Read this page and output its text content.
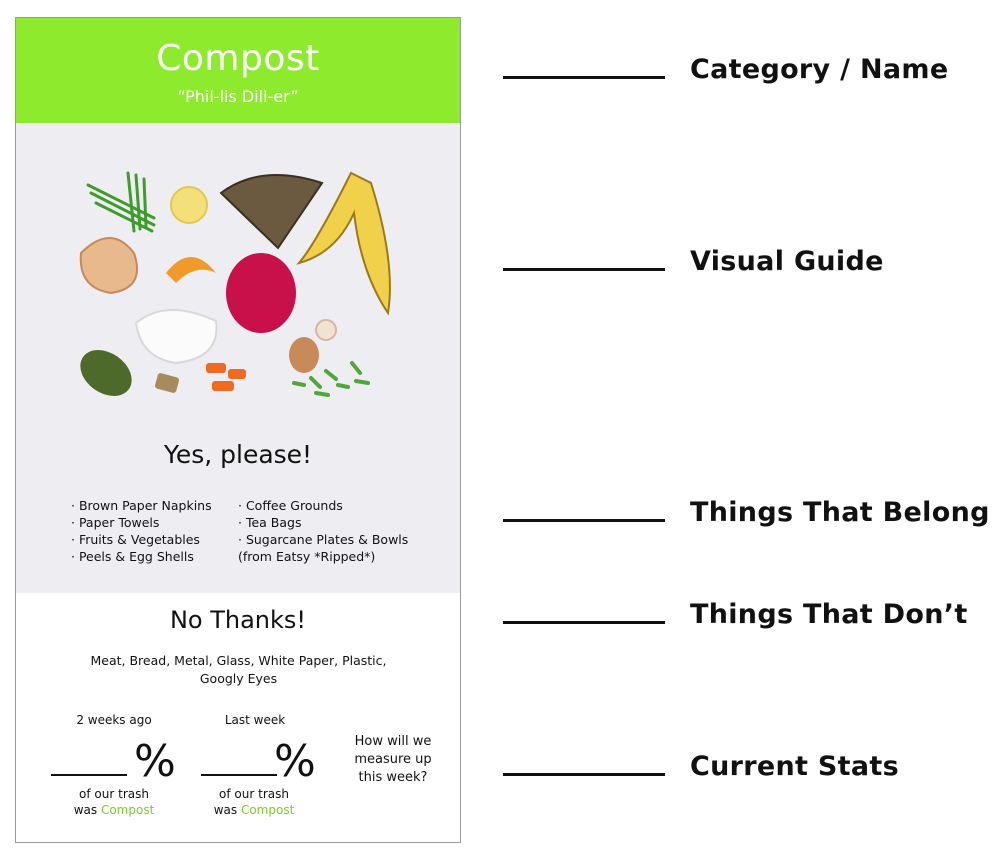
Compost
“Phil-lis Dill-er”
Yes, please!
· Brown Paper Napkins
· Paper Towels
· Fruits & Vegetables
· Peels & Egg Shells
· Coffee Grounds
· Tea Bags
· Sugarcane Plates & Bowls
(from Eatsy *Ripped*)
No Thanks!
Meat, Bread, Metal, Glass, White Paper, Plastic, Googly Eyes
2 weeks ago
%
of our trash
was Compost
Last week
%
of our trash
was Compost
How will we measure up this week?
Category / Name
Visual Guide
Things That Belong
Things That Don’t
Current Stats
